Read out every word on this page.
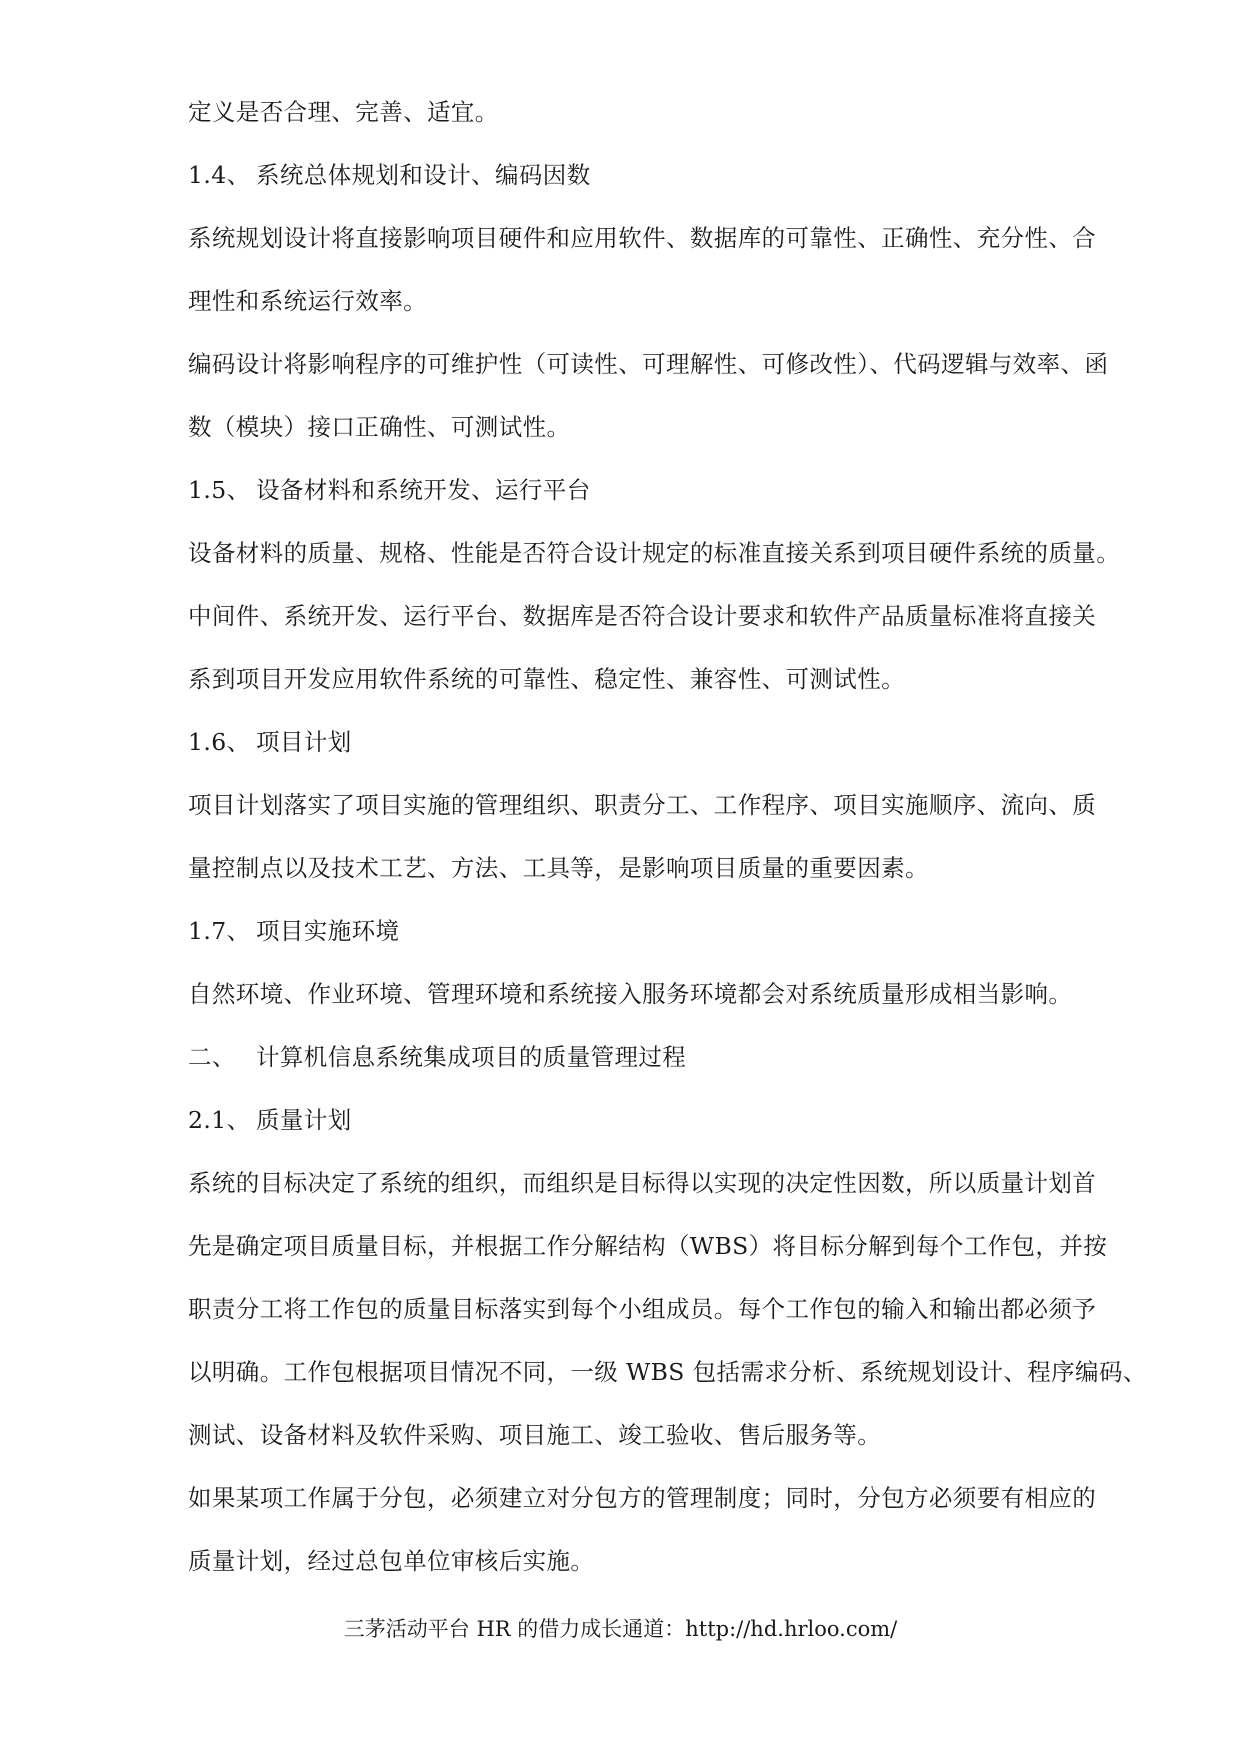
定义是否合理、完善、适宜。
1.4、 系统总体规划和设计、编码因数
系统规划设计将直接影响项目硬件和应用软件、数据库的可靠性、正确性、充分性、合
理性和系统运行效率。
编码设计将影响程序的可维护性（可读性、可理解性、可修改性）、代码逻辑与效率、函
数（模块）接口正确性、可测试性。
1.5、 设备材料和系统开发、运行平台
设备材料的质量、规格、性能是否符合设计规定的标准直接关系到项目硬件系统的质量。
中间件、系统开发、运行平台、数据库是否符合设计要求和软件产品质量标准将直接关
系到项目开发应用软件系统的可靠性、稳定性、兼容性、可测试性。
1.6、 项目计划
项目计划落实了项目实施的管理组织、职责分工、工作程序、项目实施顺序、流向、质
量控制点以及技术工艺、方法、工具等，是影响项目质量的重要因素。
1.7、 项目实施环境
自然环境、作业环境、管理环境和系统接入服务环境都会对系统质量形成相当影响。
二、 计算机信息系统集成项目的质量管理过程
2.1、 质量计划
系统的目标决定了系统的组织，而组织是目标得以实现的决定性因数，所以质量计划首
先是确定项目质量目标，并根据工作分解结构（WBS）将目标分解到每个工作包，并按
职责分工将工作包的质量目标落实到每个小组成员。每个工作包的输入和输出都必须予
以明确。工作包根据项目情况不同，一级 WBS 包括需求分析、系统规划设计、程序编码、
测试、设备材料及软件采购、项目施工、竣工验收、售后服务等。
如果某项工作属于分包，必须建立对分包方的管理制度；同时，分包方必须要有相应的
质量计划，经过总包单位审核后实施。
三茅活动平台 HR 的借力成长通道：http://hd.hrloo.com/
